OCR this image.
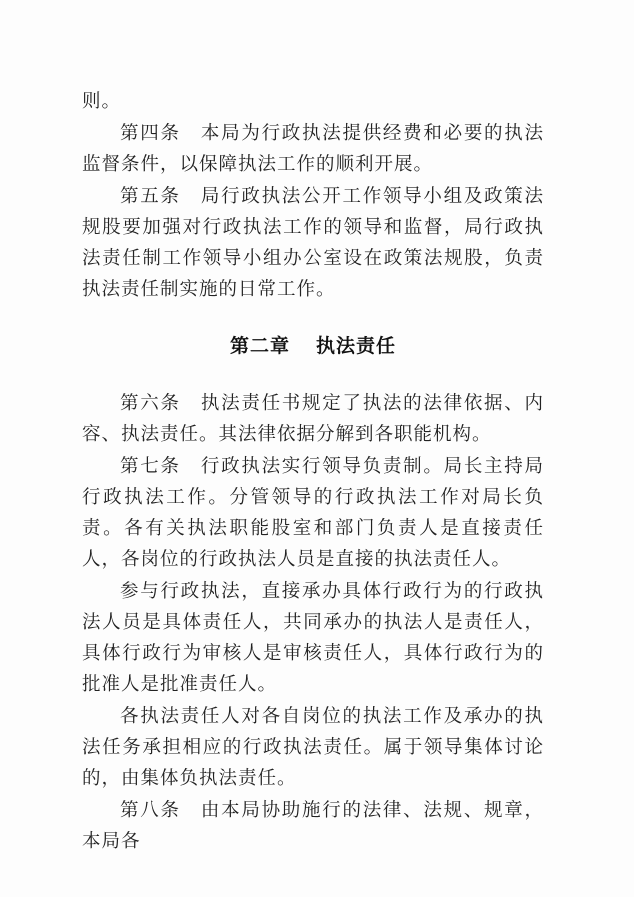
则。

第四条　本局为行政执法提供经费和必要的执法监督条件，以保障执法工作的顺利开展。

第五条　局行政执法公开工作领导小组及政策法规股要加强对行政执法工作的领导和监督，局行政执法责任制工作领导小组办公室设在政策法规股，负责执法责任制实施的日常工作。

第二章 执法责任

第六条　执法责任书规定了执法的法律依据、内容、执法责任。其法律依据分解到各职能机构。

第七条　行政执法实行领导负责制。局长主持局行政执法工作。分管领导的行政执法工作对局长负责。各有关执法职能股室和部门负责人是直接责任人，各岗位的行政执法人员是直接的执法责任人。

参与行政执法，直接承办具体行政行为的行政执法人员是具体责任人，共同承办的执法人是责任人，具体行政行为审核人是审核责任人，具体行政行为的批准人是批准责任人。

各执法责任人对各自岗位的执法工作及承办的执法任务承担相应的行政执法责任。属于领导集体讨论的，由集体负执法责任。

第八条　由本局协助施行的法律、法规、规章，本局各
